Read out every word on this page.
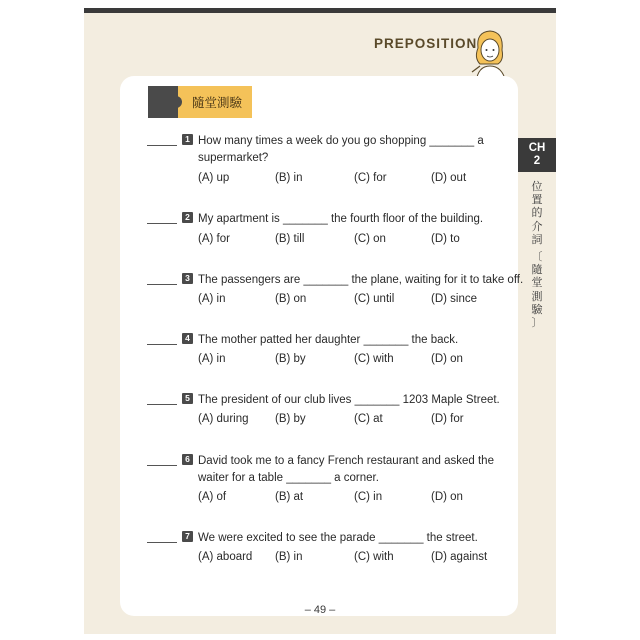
PREPOSITION
隨堂測驗
CH
2
位
置
的
介
詞
〔
隨
堂
測
驗
〕
1 How many times a week do you go shopping _______ a supermarket?
(A) up	(B) in	(C) for	(D) out
2 My apartment is _______ the fourth floor of the building.
(A) for	(B) till	(C) on	(D) to
3 The passengers are _______ the plane, waiting for it to take off.
(A) in	(B) on	(C) until	(D) since
4 The mother patted her daughter _______ the back.
(A) in	(B) by	(C) with	(D) on
5 The president of our club lives _______ 1203 Maple Street.
(A) during (B) by	(C) at	(D) for
6 David took me to a fancy French restaurant and asked the waiter for a table _______ a corner.
(A) of	(B) at	(C) in	(D) on
7 We were excited to see the parade _______ the street.
(A) aboard (B) in	(C) with	(D) against
– 49 –
